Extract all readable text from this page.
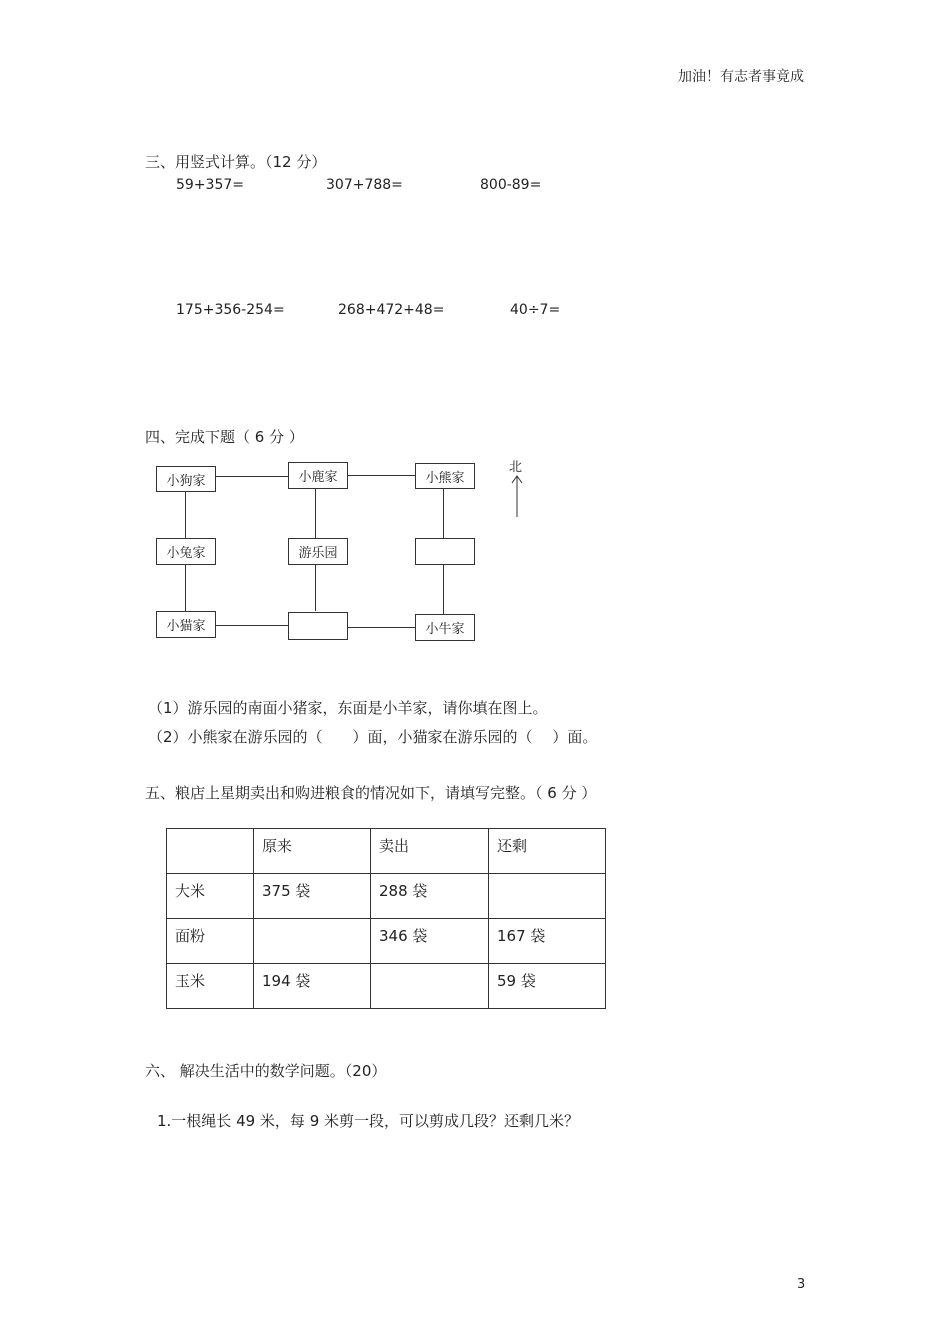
加油！有志者事竟成
三、用竖式计算。（12 分）
59+357=	307+788=	800-89=
175+356-254=	268+472+48=	40÷7=
四、完成下题（ 6 分 ）
小狗家	小鹿家	小熊家
小兔家	游乐园
小猫家	小牛家
北
（1）游乐园的南面小猪家，东面是小羊家，请你填在图上。
（2）小熊家在游乐园的（　　）面，小猫家在游乐园的（　 ）面。
五、粮店上星期卖出和购进粮食的情况如下，请填写完整。（ 6 分 ）
	原来	卖出	还剩
大米	375 袋	288 袋	
面粉		346 袋	167 袋
玉米	194 袋		59 袋
六、 解决生活中的数学问题。（20）
1.一根绳长 49 米，每 9 米剪一段，可以剪成几段？还剩几米？
3
